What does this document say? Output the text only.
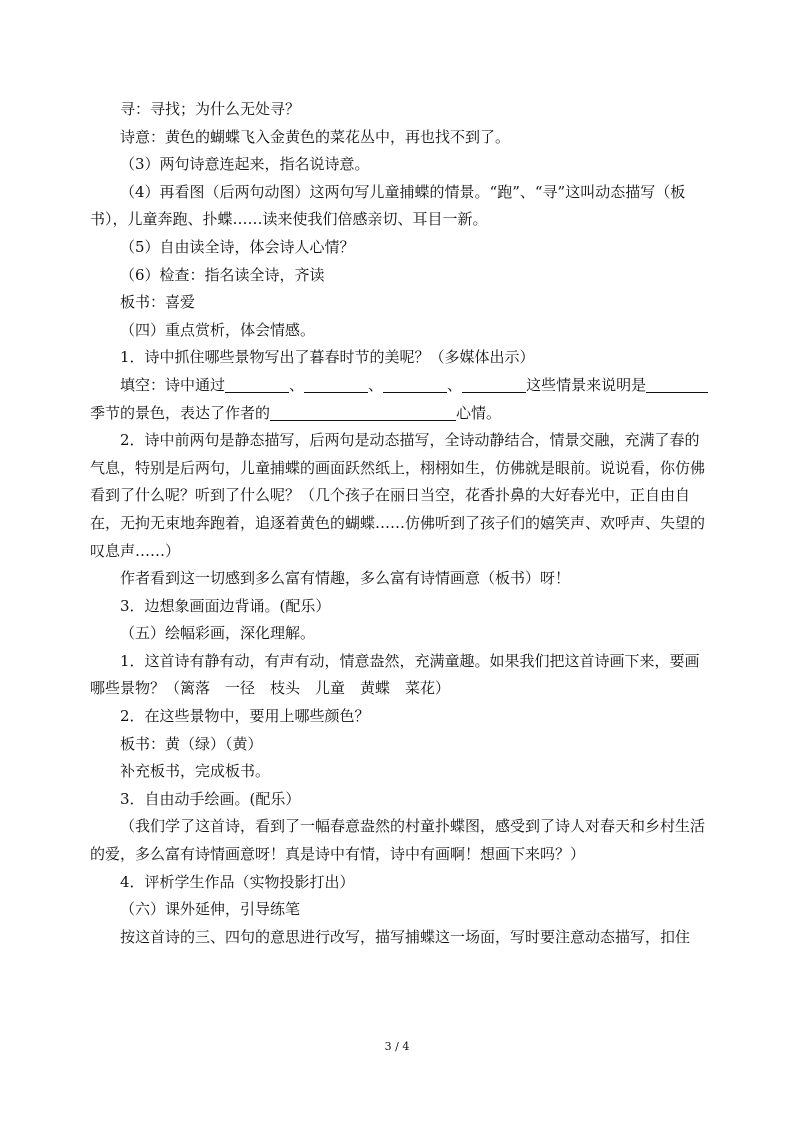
寻：寻找；为什么无处寻？

诗意：黄色的蝴蝶飞入金黄色的菜花丛中，再也找不到了。

（3）两句诗意连起来，指名说诗意。

（4）再看图（后两句动图）这两句写儿童捕蝶的情景。“跑”、“寻”这叫动态描写（板书），儿童奔跑、扑蝶……读来使我们倍感亲切、耳目一新。

（5）自由读全诗，体会诗人心情？

（6）检查：指名读全诗，齐读

板书：喜爱

（四）重点赏析，体会情感。

1．诗中抓住哪些景物写出了暮春时节的美呢？（多媒体出示）

填空：诗中通过	、	、	、	这些情景来说明是

季节的景色，表达了作者的	心情。

2．诗中前两句是静态描写，后两句是动态描写，全诗动静结合，情景交融，充满了春的气息，特别是后两句，儿童捕蝶的画面跃然纸上，栩栩如生，仿佛就是眼前。说说看，你仿佛看到了什么呢？听到了什么呢？（几个孩子在丽日当空，花香扑鼻的大好春光中，正自由自在，无拘无束地奔跑着，追逐着黄色的蝴蝶……仿佛听到了孩子们的嬉笑声、欢呼声、失望的叹息声……）

作者看到这一切感到多么富有情趣，多么富有诗情画意（板书）呀！

3．边想象画面边背诵。(配乐）

（五）绘幅彩画，深化理解。

1．这首诗有静有动，有声有动，情意盎然，充满童趣。如果我们把这首诗画下来，要画哪些景物？（篱落　一径　枝头　儿童　黄蝶　菜花）

2．在这些景物中，要用上哪些颜色？

板书：黄（绿）（黄）

补充板书，完成板书。

3．自由动手绘画。(配乐）

（我们学了这首诗，看到了一幅春意盎然的村童扑蝶图，感受到了诗人对春天和乡村生活的爱，多么富有诗情画意呀！真是诗中有情，诗中有画啊！想画下来吗？）

4．评析学生作品（实物投影打出）

（六）课外延伸，引导练笔

按这首诗的三、四句的意思进行改写，描写捕蝶这一场面，写时要注意动态描写，扣住

3 / 4
